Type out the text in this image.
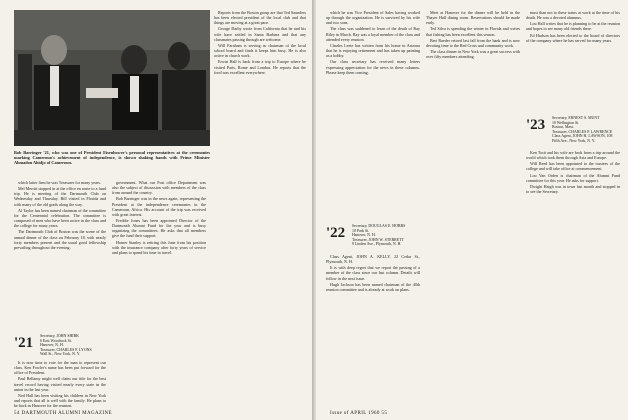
Bob Barringer '21, who was one of President Eisenhower's personal representatives at the ceremonies marking Cameroun's achievement of independence, is shown shaking hands with Prime Minister Ahmadou Ahidjo of Cameroun.

which latter firm he was Treasurer for many years.

Mel Merritt stopped in at the office en route to a fund trip. He is meeting of the Dartmouth Club on Wednesday and Thursday. Bill visited in Florida and with many of the old grads along the way.

Al Taylor has been named chairman of the committee for the Centennial celebration. The committee is composed of men who have been active in the class and the college for many years.

The Dartmouth Club of Boston was the scene of the annual dinner of the class on February 18, with nearly forty members present and the usual good fellowship prevailing throughout the evening.

'21 Secretary, JOHN SHIRK
6 East Woodrock St.
Hanover, N. H.
Treasurer, CHARLES F. LYONS
Wall St., New York, N. Y.

It is now time to vote for the man to represent our class. Ken Fowler's name has been put forward for the office of President.

Paul Bellamy might well claim our title for the best travel record having visited nearly every state in the union in the last year.

Ned Hall has been visiting his children in New York and reports that all is well with the family. He plans to be back in Hanover for the reunion.

government. What our Post office Department was also the subject of discussion with members of the class from around the country.

Bob Barringer was in the news again, representing the President at the independence ceremonies in the Cameroun, Africa. His account of the trip was received with great interest.

Freddie Jones has been appointed Director of the Dartmouth Alumni Fund for the year and is busy organizing the committees. He asks that all members give the fund their support.

Homer Stanley is retiring this June from his position with the insurance company after forty years of service and plans to spend his time in travel.

Reports from the Boston group are that Ted Saunders has been elected president of the local club and that things are moving at a great pace.

George Darby wrote from California that he and his wife have settled in Santa Barbara and that any classmates passing through are welcome.

Will Farnham is serving as chairman of the local school board and finds it keeps him busy. He is also active in church work.

Erwin Hall is back from a trip to Europe where he visited Paris, Rome and London. He reports that the food was excellent everywhere.

54 DARTMOUTH ALUMNI MAGAZINE

which he was Vice President of Sales having worked up through the organization. He is survived by his wife and two sons.

The class was saddened to learn of the death of Ray Riley in March. Ray was a loyal member of the class and attended every reunion.

Charles Leete has written from his home in Arizona that he is enjoying retirement and has taken up painting as a hobby.

Our class secretary has received many letters expressing appreciation for the news in these columns. Please keep them coming.

'22 Secretary, DOUGLAS E. HOBBS
10 Park St.
Hanover, N. H.
Treasurer, JOHN W. STERRETT
9 Linden Ave., Plymouth, N. H.

Class Agent, JOHN A. KELLY, 22 Cedar St., Plymouth, N. H.

It is with deep regret that we report the passing of a member of the class since our last column. Details will follow in the next issue.

Hugh Jackson has been named chairman of the 40th reunion committee and is already at work on plans.

Meet at Hanover for the dinner will be held in the Thayer Hall dining room. Reservations should be made early.

Ted Silva is spending the winter in Florida and writes that fishing has been excellent this season.

Bert Raeder retired last fall from the bank and is now devoting time to the Red Cross and community work.

The class dinner in New York was a great success with over fifty members attending.

must than not to these trains at work at the time of his death. He was a devoted alumnus.

Lou Hall writes that he is planning to be at the reunion and hopes to see many old friends there.

Ed Hudson has been elected to the board of directors of the company where he has served for many years.

'23 Secretary, ERNEST S. MUNT
10 Wellington St.
Boston, Mass.
Treasurer, CHARLES P. LAWRENCE
Class Agent, JOHN H. LAWSON, 108 Fifth Ave., New York, N. Y.

Ken Tosti and his wife are back from a trip around the world which took them through Asia and Europe.

Will Reed has been appointed to the trustees of the college and will take office at commencement.

Lou Van Orden is chairman of the Alumni Fund committee for this year. He asks for support.

Dwight Haigh was in town last month and stopped in to see the Secretary.

Issue of APRIL 1960 55
